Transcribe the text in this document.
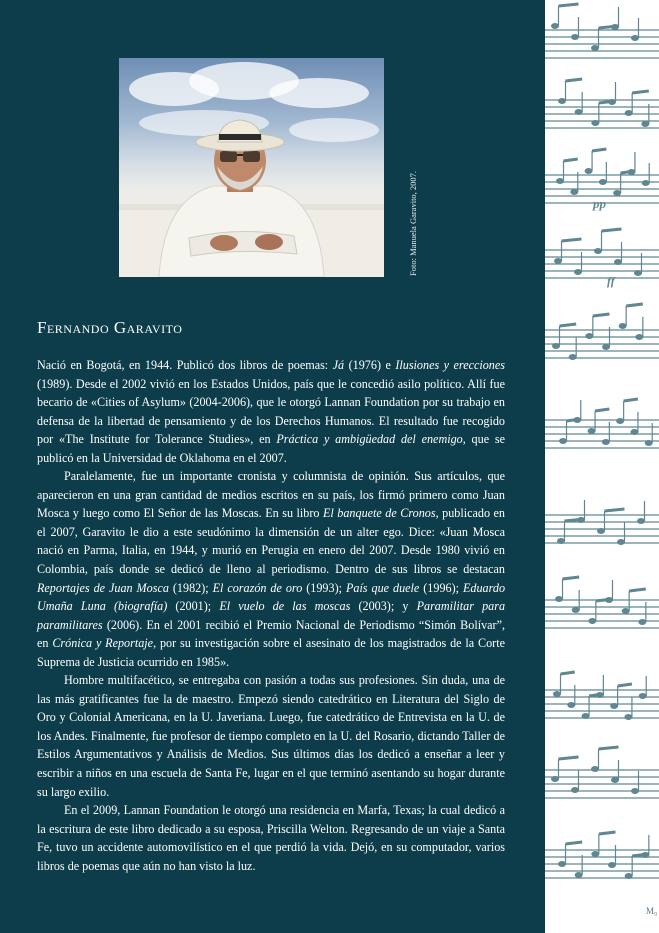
Foto: Manuela Garavito, 2007.
Fernando Garavito

Nació en Bogotá, en 1944. Publicó dos libros de poemas: Já (1976) e Ilusiones y erecciones (1989). Desde el 2002 vivió en los Estados Unidos, país que le concedió asilo político. Allí fue becario de «Cities of Asylum» (2004-2006), que le otorgó Lannan Foundation por su trabajo en defensa de la libertad de pensamiento y de los Derechos Humanos. El resultado fue recogido por «The Institute for Tolerance Studies», en Práctica y ambigüedad del enemigo, que se publicó en la Universidad de Oklahoma en el 2007.

Paralelamente, fue un importante cronista y columnista de opinión. Sus artículos, que aparecieron en una gran cantidad de medios escritos en su país, los firmó primero como Juan Mosca y luego como El Señor de las Moscas. En su libro El banquete de Cronos, publicado en el 2007, Garavito le dio a este seudónimo la dimensión de un alter ego. Dice: «Juan Mosca nació en Parma, Italia, en 1944, y murió en Perugia en enero del 2007. Desde 1980 vivió en Colombia, país donde se dedicó de lleno al periodismo. Dentro de sus libros se destacan Reportajes de Juan Mosca (1982); El corazón de oro (1993); País que duele (1996); Eduardo Umaña Luna (biografía) (2001); El vuelo de las moscas (2003); y Paramilitar para paramilitares (2006). En el 2001 recibió el Premio Nacional de Periodismo “Simón Bolívar”, en Crónica y Reportaje, por su investigación sobre el asesinato de los magistrados de la Corte Suprema de Justicia ocurrido en 1985».

Hombre multifacético, se entregaba con pasión a todas sus profesiones. Sin duda, una de las más gratificantes fue la de maestro. Empezó siendo catedrático en Literatura del Siglo de Oro y Colonial Americana, en la U. Javeriana. Luego, fue catedrático de Entrevista en la U. de los Andes. Finalmente, fue profesor de tiempo completo en la U. del Rosario, dictando Taller de Estilos Argumentativos y Análisis de Medios. Sus últimos días los dedicó a enseñar a leer y escribir a niños en una escuela de Santa Fe, lugar en el que terminó asentando su hogar durante su largo exilio.

En el 2009, Lannan Foundation le otorgó una residencia en Marfa, Texas; la cual dedicó a la escritura de este libro dedicado a su esposa, Priscilla Welton. Regresando de un viaje a Santa Fe, tuvo un accidente automovilístico en el que perdió la vida. Dejó, en su computador, varios libros de poemas que aún no han visto la luz.

pp
ff
M₉
